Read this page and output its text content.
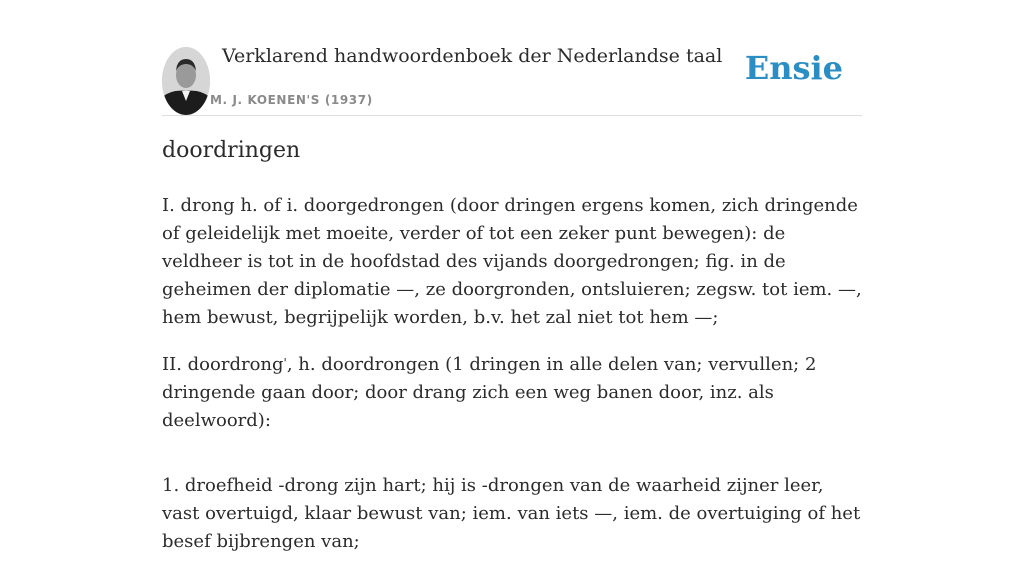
Verklarend handwoordenboek der Nederlandse taal
M. J. KOENEN'S (1937)
Ensie
doordringen

I. drong h. of i. doorgedrongen (door dringen ergens komen, zich dringende of geleidelijk met moeite, verder of tot een zeker punt bewegen): de veldheer is tot in de hoofdstad des vijands doorgedrongen; fig. in de geheimen der diplomatie —, ze doorgronden, ontsluieren; zegsw. tot iem. —, hem bewust, begrijpelijk worden, b.v. het zal niet tot hem —;

II. doordrong', h. doordrongen (1 dringen in alle delen van; vervullen; 2 dringende gaan door; door drang zich een weg banen door, inz. als deelwoord):

1. droefheid -drong zijn hart; hij is -drongen van de waarheid zijner leer, vast overtuigd, klaar bewust van; iem. van iets —, iem. de overtuiging of het besef bijbrengen van;
